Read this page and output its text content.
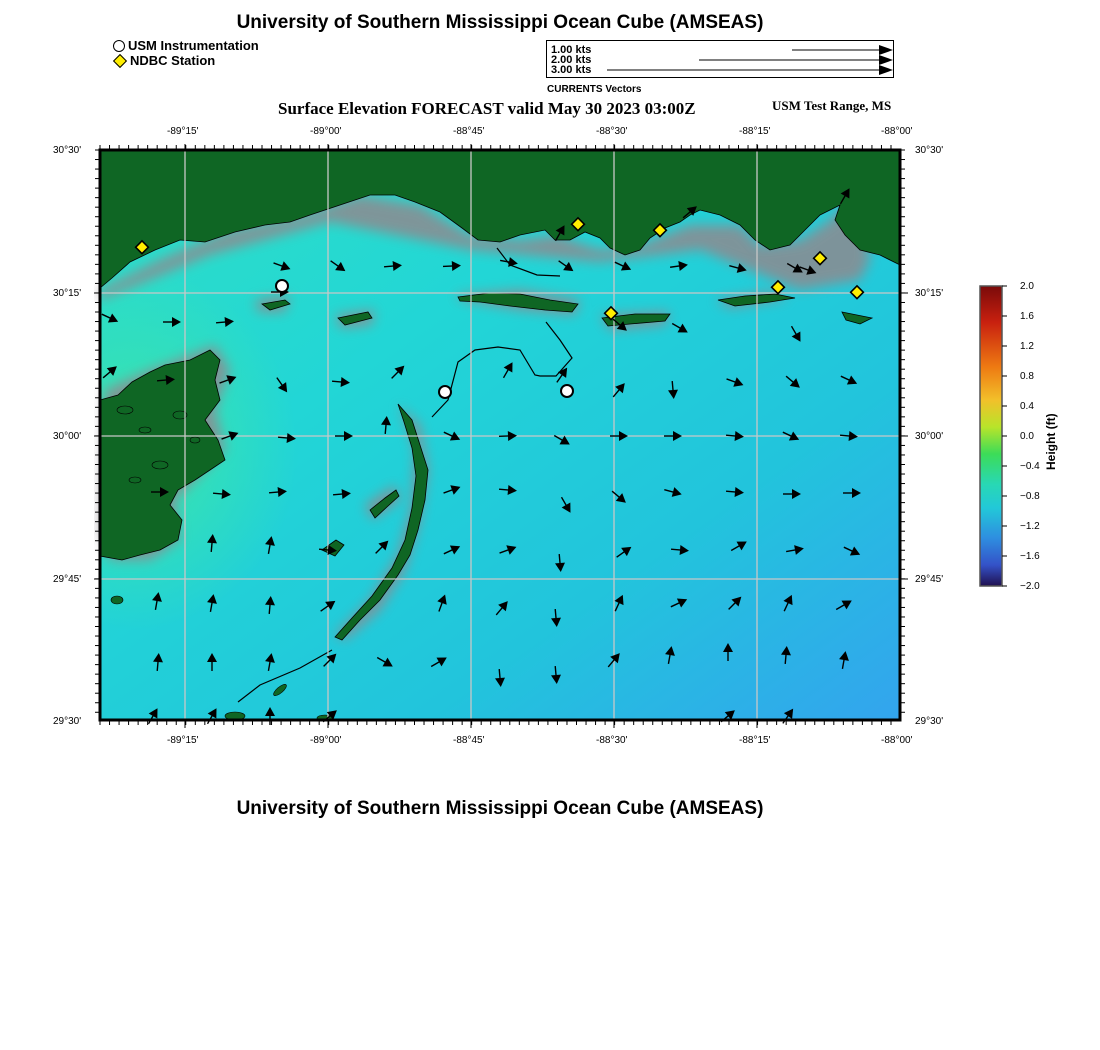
University of Southern Mississippi Ocean Cube (AMSEAS)
USM Instrumentation
NDBC Station
1.00 kts
2.00 kts
3.00 kts
CURRENTS Vectors
Surface Elevation FORECAST valid May 30 2023 03:00Z	USM Test Range, MS
-89°15'	-89°00'	-88°45'	-88°30'	-88°15'	-88°00'
-89°15'	-89°00'	-88°45'	-88°30'	-88°15'	-88°00'
30°30'
30°15'
30°00'
29°45'
29°30'
30°30'
30°15'
30°00'
29°45'
29°30'
2.0
1.6
1.2
0.8
0.4
0.0
−0.4
−0.8
−1.2
−1.6
−2.0
Height (ft)
University of Southern Mississippi Ocean Cube (AMSEAS)
